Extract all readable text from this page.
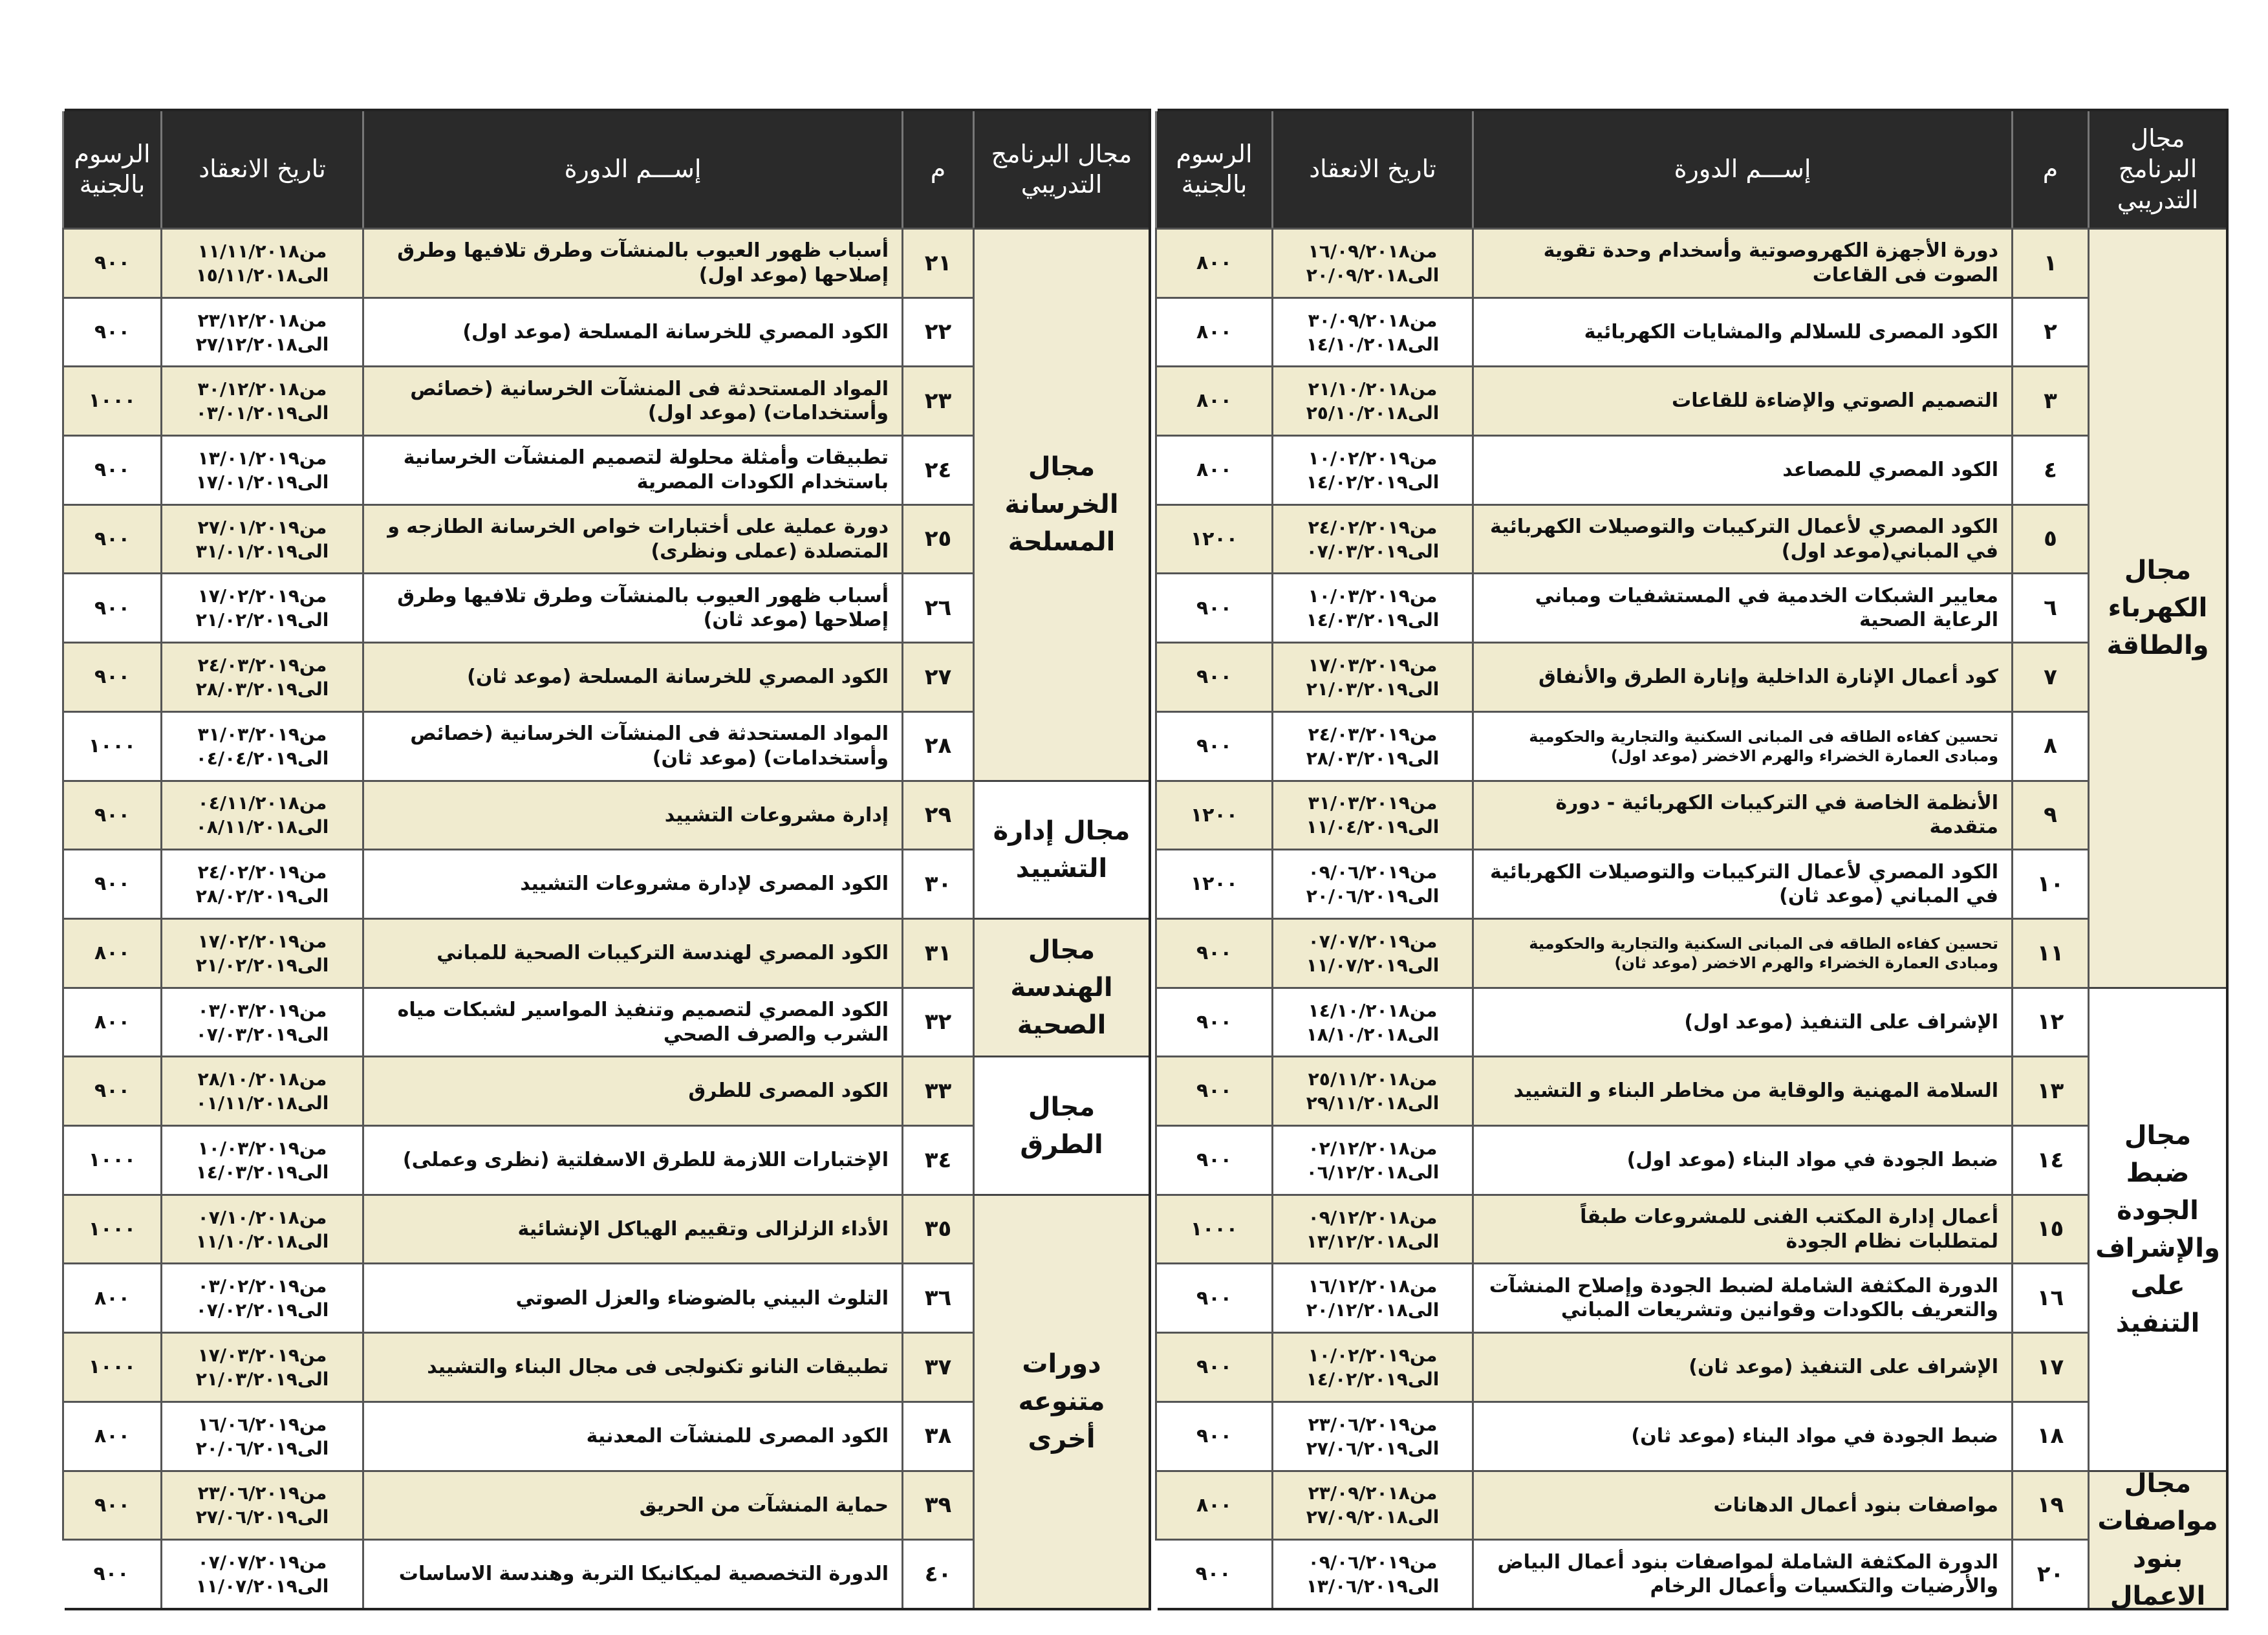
مجال البرنامج التدريبي
م
إســـم الدورة
تاريخ الانعقاد
الرسوم بالجنية
مجال الكهرباء والطاقة
١
دورة الأجهزة الكهروصوتية وأسخدام وحدة تقوية الصوت فى القاعات
من١٦/٠٩/٢٠١٨
الى٢٠/٠٩/٢٠١٨
٨٠٠
٢
الكود المصرى للسلالم والمشايات الكهربائية
من٣٠/٠٩/٢٠١٨
الى١٤/١٠/٢٠١٨
٨٠٠
٣
التصميم الصوتي والإضاءة للقاعات
من٢١/١٠/٢٠١٨
الى٢٥/١٠/٢٠١٨
٨٠٠
٤
الكود المصري للمصاعد
من١٠/٠٢/٢٠١٩
الى١٤/٠٢/٢٠١٩
٨٠٠
٥
الكود المصري لأعمال التركيبات والتوصيلات الكهربائية في المباني(موعد اول)
من٢٤/٠٢/٢٠١٩
الى٠٧/٠٣/٢٠١٩
١٢٠٠
٦
معايير الشبكات الخدمية في المستشفيات ومباني الرعاية الصحية
من١٠/٠٣/٢٠١٩
الى١٤/٠٣/٢٠١٩
٩٠٠
٧
كود أعمال الإنارة الداخلية وإنارة الطرق والأنفاق
من١٧/٠٣/٢٠١٩
الى٢١/٠٣/٢٠١٩
٩٠٠
٨
تحسين كفاءه الطاقه فى المبانى السكنية والتجارية والحكومية ومبادى العمارة الخضراء والهرم الاخضر (موعد اول)
من٢٤/٠٣/٢٠١٩
الى٢٨/٠٣/٢٠١٩
٩٠٠
٩
الأنظمة الخاصة في التركيبات الكهربائية - دورة متقدمة
من٣١/٠٣/٢٠١٩
الى١١/٠٤/٢٠١٩
١٢٠٠
١٠
الكود المصري لأعمال التركيبات والتوصيلات الكهربائية في المباني (موعد ثان)
من٠٩/٠٦/٢٠١٩
الى٢٠/٠٦/٢٠١٩
١٢٠٠
١١
تحسين كفاءه الطاقه فى المبانى السكنية والتجارية والحكومية ومبادى العمارة الخضراء والهرم الاخضر (موعد ثان)
من٠٧/٠٧/٢٠١٩
الى١١/٠٧/٢٠١٩
٩٠٠
مجال ضبط الجودة والإشراف على التنفيذ
١٢
الإشراف على التنفيذ (موعد اول)
من١٤/١٠/٢٠١٨
الى١٨/١٠/٢٠١٨
٩٠٠
١٣
السلامة المهنية والوقاية من مخاطر البناء و التشييد
من٢٥/١١/٢٠١٨
الى٢٩/١١/٢٠١٨
٩٠٠
١٤
ضبط الجودة في مواد البناء (موعد اول)
من٠٢/١٢/٢٠١٨
الى٠٦/١٢/٢٠١٨
٩٠٠
١٥
أعمال إدارة المكتب الفنى للمشروعات طبقاً لمتطلبات نظام الجودة
من٠٩/١٢/٢٠١٨
الى١٣/١٢/٢٠١٨
١٠٠٠
١٦
الدورة المكثفة الشاملة لضبط الجودة وإصلاح المنشآت والتعريف بالكودات وقوانين وتشريعات المباني
من١٦/١٢/٢٠١٨
الى٢٠/١٢/٢٠١٨
٩٠٠
١٧
الإشراف على التنفيذ (موعد ثان)
من١٠/٠٢/٢٠١٩
الى١٤/٠٢/٢٠١٩
٩٠٠
١٨
ضبط الجودة في مواد البناء (موعد ثان)
من٢٣/٠٦/٢٠١٩
الى٢٧/٠٦/٢٠١٩
٩٠٠
مجال مواصفات بنود الاعمال
١٩
مواصفات بنود أعمال الدهانات
من٢٣/٠٩/٢٠١٨
الى٢٧/٠٩/٢٠١٨
٨٠٠
٢٠
الدورة المكثفة الشاملة لمواصفات بنود أعمال البياض والأرضيات والتكسيات وأعمال الرخام
من٠٩/٠٦/٢٠١٩
الى١٣/٠٦/٢٠١٩
٩٠٠
مجال البرنامج التدريبي
م
إســـم الدورة
تاريخ الانعقاد
الرسوم بالجنية
مجال الخرسانة المسلحة
٢١
أسباب ظهور العيوب بالمنشآت وطرق تلافيها وطرق إصلاحها (موعد اول)
من١١/١١/٢٠١٨
الى١٥/١١/٢٠١٨
٩٠٠
٢٢
الكود المصري للخرسانة المسلحة (موعد اول)
من٢٣/١٢/٢٠١٨
الى٢٧/١٢/٢٠١٨
٩٠٠
٢٣
المواد المستحدثة فى المنشآت الخرسانية (خصائص وأستخدامات) (موعد اول)
من٣٠/١٢/٢٠١٨
الى٠٣/٠١/٢٠١٩
١٠٠٠
٢٤
تطبيقات وأمثلة محلولة لتصميم المنشآت الخرسانية باستخدام الكودات المصرية
من١٣/٠١/٢٠١٩
الى١٧/٠١/٢٠١٩
٩٠٠
٢٥
دورة عملية على أختبارات خواص الخرسانة الطازجه و المتصلدة (عملى ونظرى)
من٢٧/٠١/٢٠١٩
الى٣١/٠١/٢٠١٩
٩٠٠
٢٦
أسباب ظهور العيوب بالمنشآت وطرق تلافيها وطرق إصلاحها (موعد ثان)
من١٧/٠٢/٢٠١٩
الى٢١/٠٢/٢٠١٩
٩٠٠
٢٧
الكود المصري للخرسانة المسلحة (موعد ثان)
من٢٤/٠٣/٢٠١٩
الى٢٨/٠٣/٢٠١٩
٩٠٠
٢٨
المواد المستحدثة فى المنشآت الخرسانية (خصائص وأستخدامات) (موعد ثان)
من٣١/٠٣/٢٠١٩
الى٠٤/٠٤/٢٠١٩
١٠٠٠
مجال إدارة التشييد
٢٩
إدارة مشروعات التشييد
من٠٤/١١/٢٠١٨
الى٠٨/١١/٢٠١٨
٩٠٠
٣٠
الكود المصرى لإدارة مشروعات التشييد
من٢٤/٠٢/٢٠١٩
الى٢٨/٠٢/٢٠١٩
٩٠٠
مجال الهندسة الصحية
٣١
الكود المصري لهندسة التركيبات الصحية للمباني
من١٧/٠٢/٢٠١٩
الى٢١/٠٢/٢٠١٩
٨٠٠
٣٢
الكود المصري لتصميم وتنفيذ المواسير لشبكات مياه الشرب والصرف الصحي
من٠٣/٠٣/٢٠١٩
الى٠٧/٠٣/٢٠١٩
٨٠٠
مجال الطرق
٣٣
الكود المصرى للطرق
من٢٨/١٠/٢٠١٨
الى٠١/١١/٢٠١٨
٩٠٠
٣٤
الإختبارات اللازمة للطرق الاسفلتية (نظرى وعملى)
من١٠/٠٣/٢٠١٩
الى١٤/٠٣/٢٠١٩
١٠٠٠
دورات متنوعه أخرى
٣٥
الأداء الزلزالى وتقييم الهياكل الإنشائية
من٠٧/١٠/٢٠١٨
الى١١/١٠/٢٠١٨
١٠٠٠
٣٦
التلوث البيني بالضوضاء والعزل الصوتي
من٠٣/٠٢/٢٠١٩
الى٠٧/٠٢/٢٠١٩
٨٠٠
٣٧
تطبيقات النانو تكنولجى فى مجال البناء والتشييد
من١٧/٠٣/٢٠١٩
الى٢١/٠٣/٢٠١٩
١٠٠٠
٣٨
الكود المصرى للمنشآت المعدنية
من١٦/٠٦/٢٠١٩
الى٢٠/٠٦/٢٠١٩
٨٠٠
٣٩
حماية المنشآت من الحريق
من٢٣/٠٦/٢٠١٩
الى٢٧/٠٦/٢٠١٩
٩٠٠
٤٠
الدورة التخصصية لميكانيكا التربة وهندسة الاساسات
من٠٧/٠٧/٢٠١٩
الى١١/٠٧/٢٠١٩
٩٠٠
